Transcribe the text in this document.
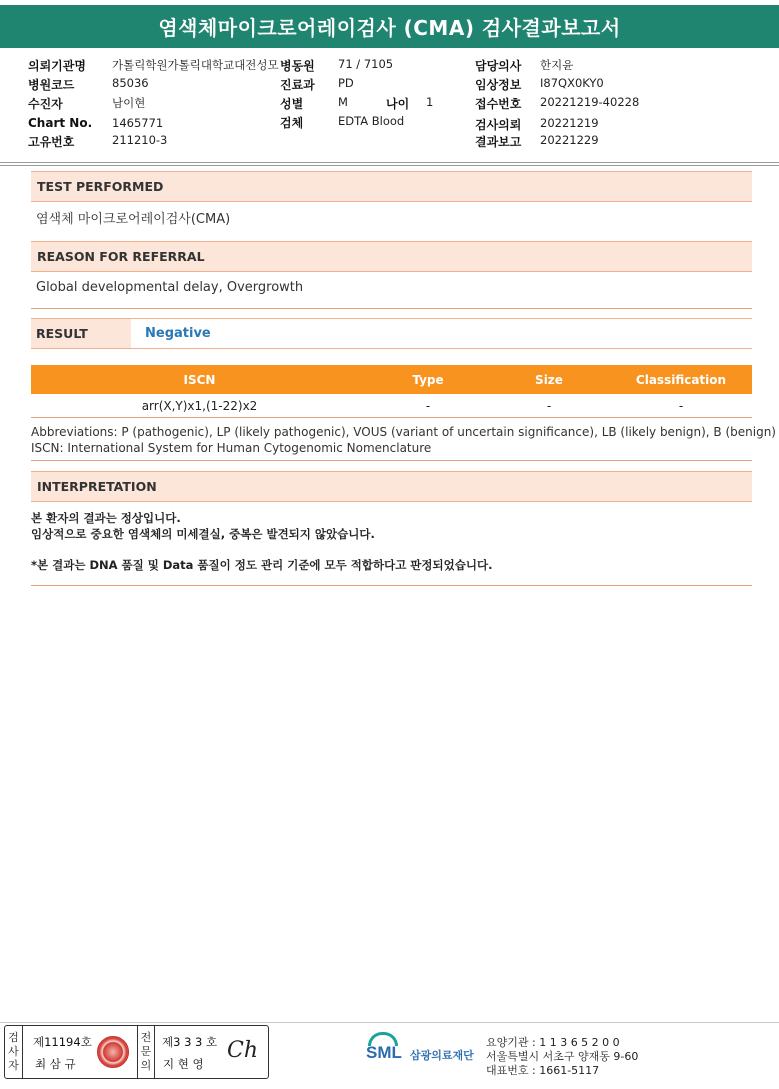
염색체마이크로어레이검사 (CMA) 검사결과보고서
의뢰기관명 가톨릭학원가톨릭대학교대전성모 병동원 71 / 7105	담당의사 한지윤
병원코드	85036	진료과 PD	임상정보 I87QX0KY0
수진자	남이현	성별	M	나이 1	접수번호 20221219-40228
Chart No. 1465771	검체	EDTA Blood	검사의뢰 20221219
고유번호	211210-3	결과보고 20221229
TEST PERFORMED
염색체 마이크로어레이검사(CMA)
REASON FOR REFERRAL
Global developmental delay, Overgrowth
RESULT	Negative
ISCN	Type	Size	Classification
arr(X,Y)x1,(1-22)x2	-	-	-
Abbreviations: P (pathogenic), LP (likely pathogenic), VOUS (variant of uncertain significance), LB (likely benign), B (benign)
ISCN: International System for Human Cytogenomic Nomenclature
INTERPRETATION
본 환자의 결과는 정상입니다.
임상적으로 중요한 염색체의 미세결실, 중복은 발견되지 않았습니다.
*본 결과는 DNA 품질 및 Data 품질이 정도 관리 기준에 모두 적합하다고 판정되었습니다.
검
사
자
제11194호
최 삼 규
전
문
의
제3 3 3 호
지 현 영
Ch	SML 삼광의료재단
요양기관 : 1 1 3 6 5 2 0 0
서울특별시 서초구 양재동 9-60
대표번호 : 1661-5117
